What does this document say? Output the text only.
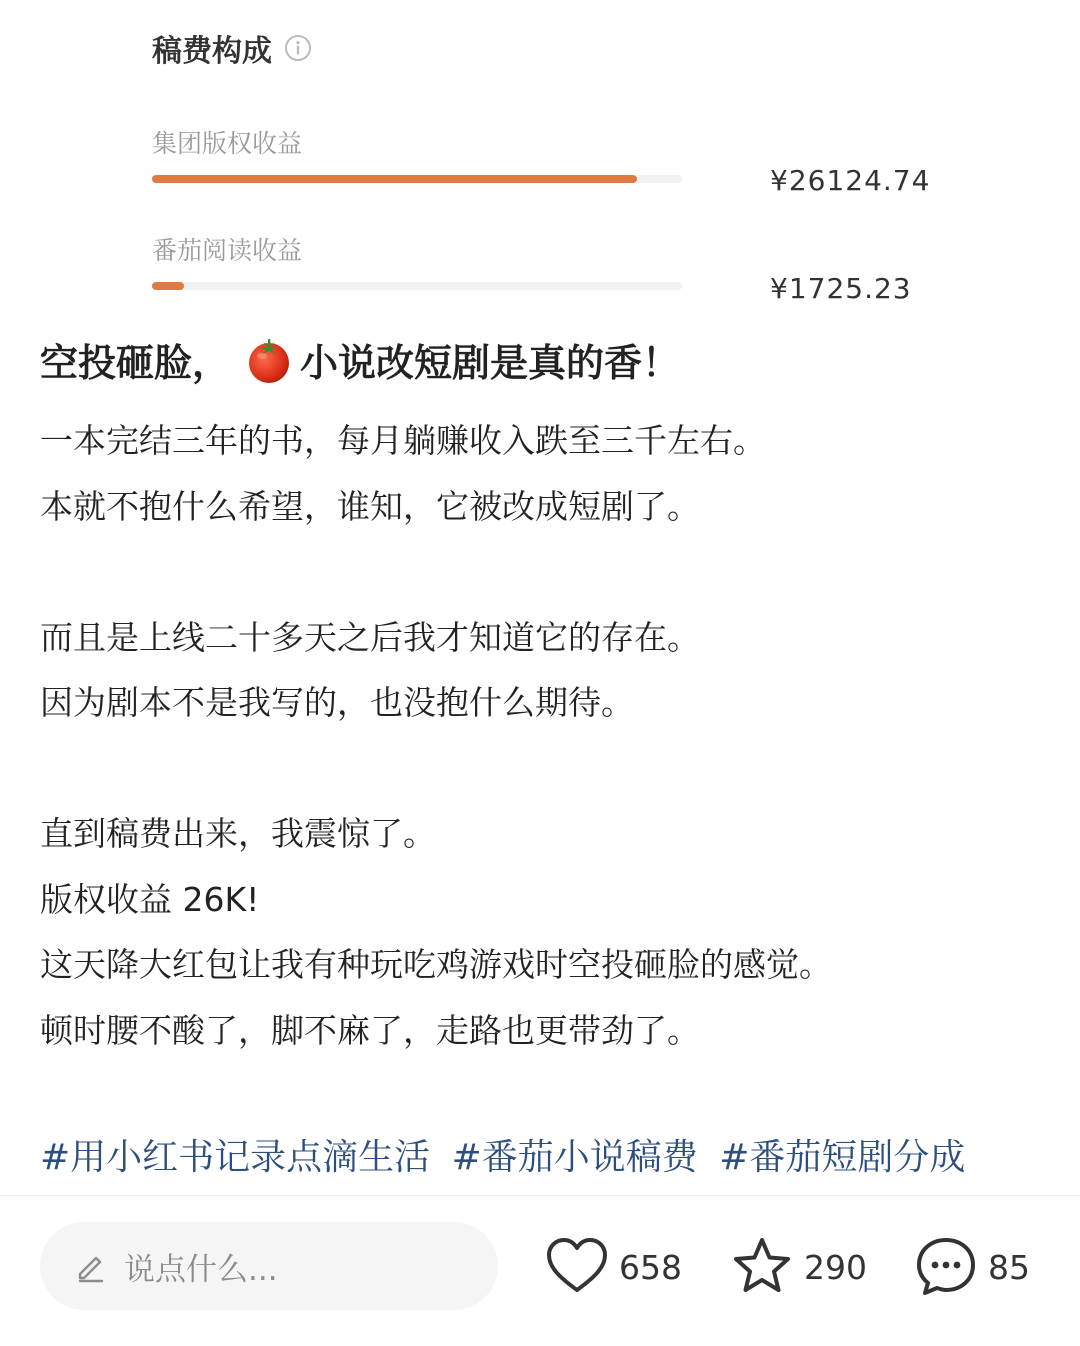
稿费构成
集团版权收益
¥26124.74
番茄阅读收益
¥1725.23
空投砸脸， 小说改短剧是真的香！
一本完结三年的书，每月躺赚收入跌至三千左右。
本就不抱什么希望，谁知，它被改成短剧了。
而且是上线二十多天之后我才知道它的存在。
因为剧本不是我写的，也没抱什么期待。
直到稿费出来，我震惊了。
版权收益 26K!
这天降大红包让我有种玩吃鸡游戏时空投砸脸的感觉。
顿时腰不酸了，脚不麻了，走路也更带劲了。
#用小红书记录点滴生活 #番茄小说稿费 #番茄短剧分成
说点什么...	658	290	85
